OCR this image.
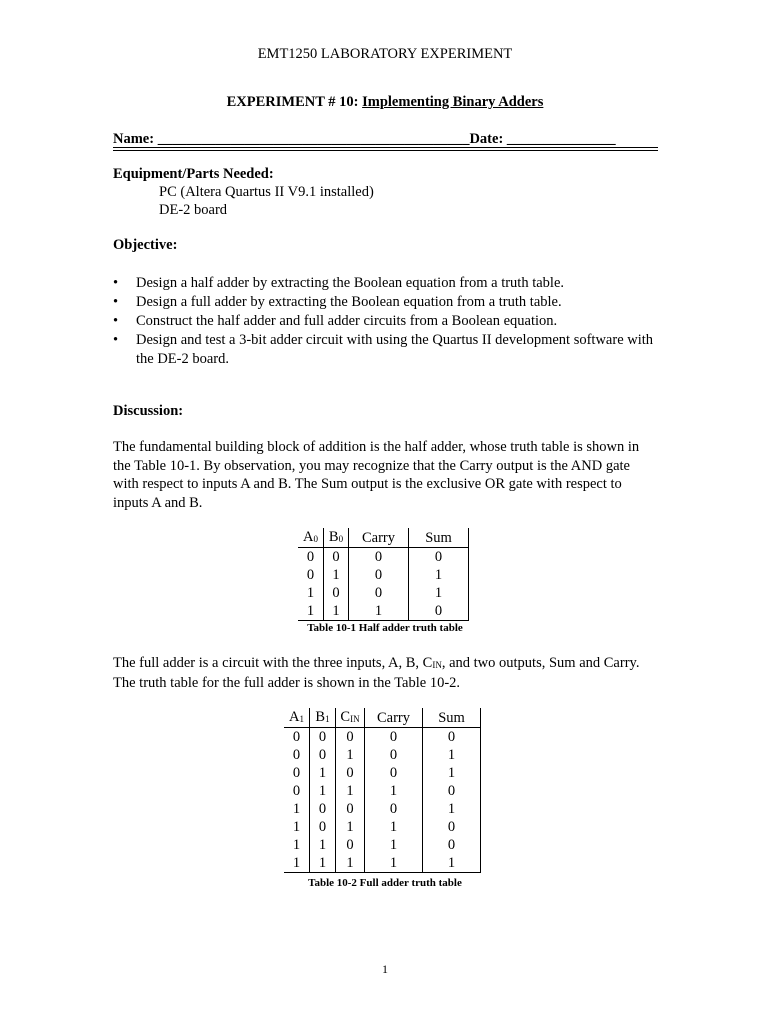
EMT1250 LABORATORY EXPERIMENT
EXPERIMENT # 10: Implementing Binary Adders
Name: ___________________________________________Date: _______________
Equipment/Parts Needed:
PC (Altera Quartus II V9.1 installed)
DE-2 board
Objective:
• Design a half adder by extracting the Boolean equation from a truth table.
• Design a full adder by extracting the Boolean equation from a truth table.
• Construct the half adder and full adder circuits from a Boolean equation.
• Design and test a 3-bit adder circuit with using the Quartus II development software with the DE-2 board.
Discussion:
The fundamental building block of addition is the half adder, whose truth table is shown in the Table 10-1. By observation, you may recognize that the Carry output is the AND gate with respect to inputs A and B. The Sum output is the exclusive OR gate with respect to inputs A and B.
$A_0$	$B_0$	Carry	Sum
0	0	0	0
0	1	0	1
1	0	0	1
1	1	1	0
Table 10-1 Half adder truth table
The full adder is a circuit with the three inputs, A, B, $C_{IN}$, and two outputs, Sum and Carry. The truth table for the full adder is shown in the Table 10-2.
$A_1$	$B_1$	$C_{IN}$	Carry	Sum
0	0	0	0	0
0	0	1	0	1
0	1	0	0	1
0	1	1	1	0
1	0	0	0	1
1	0	1	1	0
1	1	0	1	0
1	1	1	1	1
Table 10-2 Full adder truth table
1
